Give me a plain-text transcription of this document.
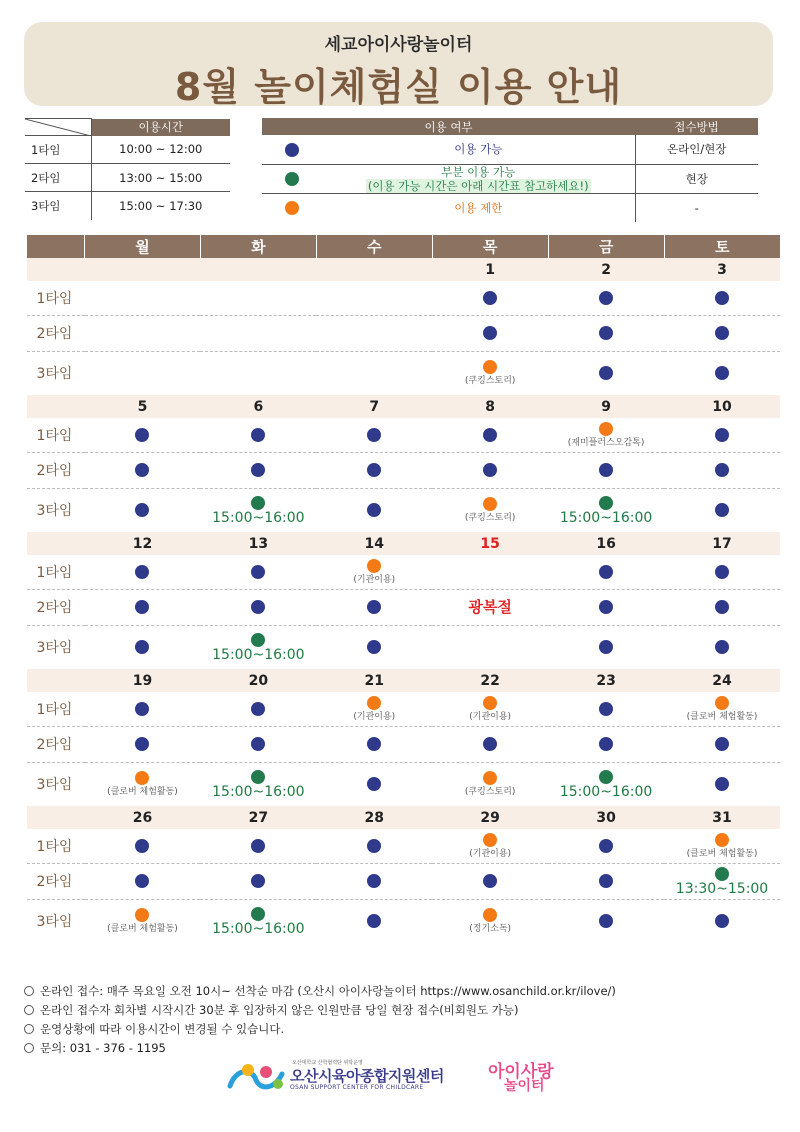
세교아이사랑놀이터
8월 놀이체험실 이용 안내
	이용시간
1타임	10:00 ~ 12:00
2타임	13:00 ~ 15:00
3타임	15:00 ~ 17:30
이용 여부		접수방법
	이용 가능	온라인/현장

	부분 이용 가능
(이용 가능 시간은 아래 시간표 참고하세요!)	현장
	이용 제한	-
	월	화	수	목	금	토
				1	2	3
1타임				

2타임				

3타임				(쿠킹스토리)		

	5	6	7	8	9	10
1타임					(재미플러스오감톡)	

2타임	

3타임		15:00~16:00		(쿠킹스토리)	15:00~16:00	

	12	13	14	15	16	17
1타임			(기관이용)			

2타임				광복절		

3타임		15:00~16:00				

	19	20	21	22	23	24
1타임			(기관이용)	(기관이용)		(클로버 체험활동)

2타임	

3타임	(클로버 체험활동)	15:00~16:00		(쿠킹스토리)	15:00~16:00	

	26	27	28	29	30	31
1타임				(기관이용)		(클로버 체험활동)

2타임						13:30~15:00

3타임	(클로버 체험활동)	15:00~16:00		(정기소독)		

온라인 접수: 매주 목요일 오전 10시~ 선착순 마감 (오산시 아이사랑놀이터 https://www.osanchild.or.kr/ilove/)
온라인 접수자 회차별 시작시간 30분 후 입장하지 않은 인원만큼 당일 현장 접수(비회원도 가능)
운영상황에 따라 이용시간이 변경될 수 있습니다.
문의: 031 - 376 - 1195
오산대학교 산학협력단 위탁운영
오산시육아종합지원센터
OSAN SUPPORT CENTER FOR CHILDCARE
아이사랑
놀이터
